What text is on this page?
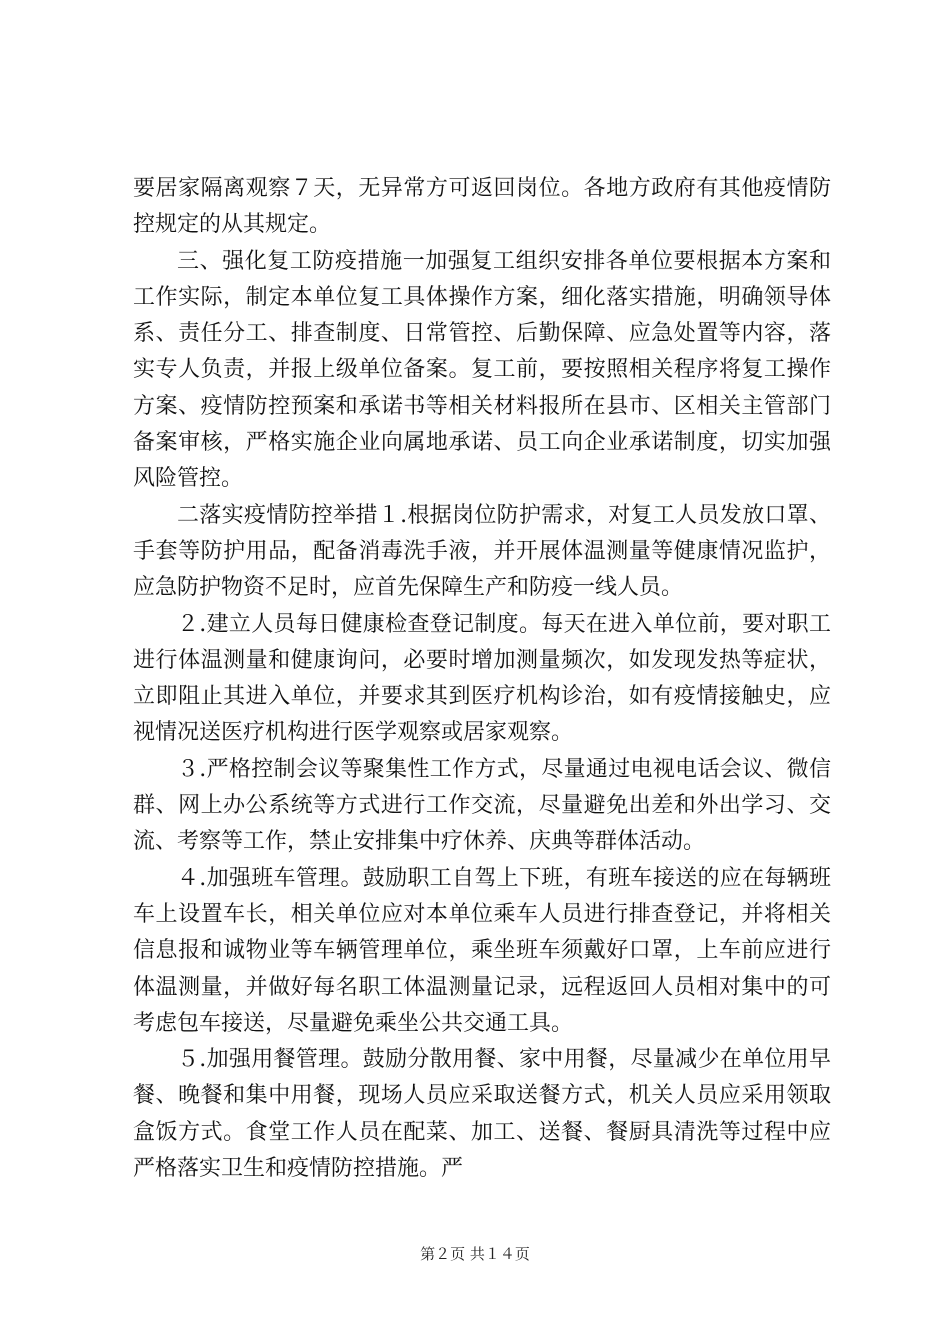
要居家隔离观察７天，无异常方可返回岗位。各地方政府有其他疫情防控规定的从其规定。

三、强化复工防疫措施一加强复工组织安排各单位要根据本方案和工作实际，制定本单位复工具体操作方案，细化落实措施，明确领导体系、责任分工、排查制度、日常管控、后勤保障、应急处置等内容，落实专人负责，并报上级单位备案。复工前，要按照相关程序将复工操作方案、疫情防控预案和承诺书等相关材料报所在县市、区相关主管部门备案审核，严格实施企业向属地承诺、员工向企业承诺制度，切实加强风险管控。

二落实疫情防控举措１.根据岗位防护需求，对复工人员发放口罩、手套等防护用品，配备消毒洗手液，并开展体温测量等健康情况监护，应急防护物资不足时，应首先保障生产和防疫一线人员。

２.建立人员每日健康检查登记制度。每天在进入单位前，要对职工进行体温测量和健康询问，必要时增加测量频次，如发现发热等症状，立即阻止其进入单位，并要求其到医疗机构诊治，如有疫情接触史，应视情况送医疗机构进行医学观察或居家观察。

３.严格控制会议等聚集性工作方式，尽量通过电视电话会议、微信群、网上办公系统等方式进行工作交流，尽量避免出差和外出学习、交流、考察等工作，禁止安排集中疗休养、庆典等群体活动。

４.加强班车管理。鼓励职工自驾上下班，有班车接送的应在每辆班车上设置车长，相关单位应对本单位乘车人员进行排查登记，并将相关信息报和诚物业等车辆管理单位，乘坐班车须戴好口罩，上车前应进行体温测量，并做好每名职工体温测量记录，远程返回人员相对集中的可考虑包车接送，尽量避免乘坐公共交通工具。

５.加强用餐管理。鼓励分散用餐、家中用餐，尽量减少在单位用早餐、晚餐和集中用餐，现场人员应采取送餐方式，机关人员应采用领取盒饭方式。食堂工作人员在配菜、加工、送餐、餐厨具清洗等过程中应严格落实卫生和疫情防控措施。严

第２页 共１４页
